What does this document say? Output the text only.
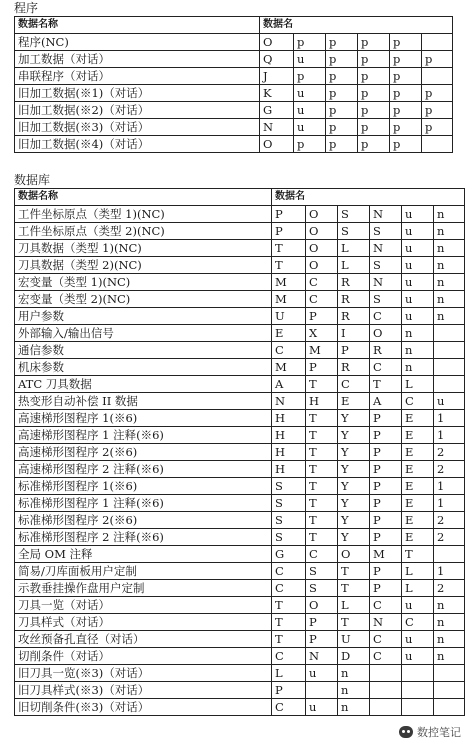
程序
数据名称	数据名					
程序(NC)	O	p	p	p	p	
加工数据（对话）	Q	u	p	p	p	p
串联程序（对话）	J	p	p	p	p	
旧加工数据(※1)（对话）	K	u	p	p	p	p
旧加工数据(※2)（对话）	G	u	p	p	p	p
旧加工数据(※3)（对话）	N	u	p	p	p	p
旧加工数据(※4)（对话）	O	p	p	p	p	
数据库
数据名称	数据名					
工件坐标原点（类型 1)(NC)	P	O	S	N	u	n
工件坐标原点（类型 2)(NC)	P	O	S	S	u	n
刀具数据（类型 1)(NC)	T	O	L	N	u	n
刀具数据（类型 2)(NC)	T	O	L	S	u	n
宏变量（类型 1)(NC)	M	C	R	N	u	n
宏变量（类型 2)(NC)	M	C	R	S	u	n
用户参数	U	P	R	C	u	n
外部输入/输出信号	E	X	I	O	n	
通信参数	C	M	P	R	n	
机床参数	M	P	R	C	n	
ATC 刀具数据	A	T	C	T	L	
热变形自动补偿 II 数据	N	H	E	A	C	u
高速梯形图程序 1(※6)	H	T	Y	P	E	1
高速梯形图程序 1 注释(※6)	H	T	Y	P	E	1
高速梯形图程序 2(※6)	H	T	Y	P	E	2
高速梯形图程序 2 注释(※6)	H	T	Y	P	E	2
标准梯形图程序 1(※6)	S	T	Y	P	E	1
标准梯形图程序 1 注释(※6)	S	T	Y	P	E	1
标准梯形图程序 2(※6)	S	T	Y	P	E	2
标准梯形图程序 2 注释(※6)	S	T	Y	P	E	2
全局 OM 注释	G	C	O	M	T	
简易/刀库面板用户定制	C	S	T	P	L	1
示教垂挂操作盘用户定制	C	S	T	P	L	2
刀具一览（对话）	T	O	L	C	u	n
刀具样式（对话）	T	P	T	N	C	n
攻丝预备孔直径（对话）	T	P	U	C	u	n
切削条件（对话）	C	N	D	C	u	n
旧刀具一览(※3)（对话）	L	u	n			
旧刀具样式(※3)（对话）	P		n			
旧切削条件(※3)（对话）	C	u	n			
数控笔记
